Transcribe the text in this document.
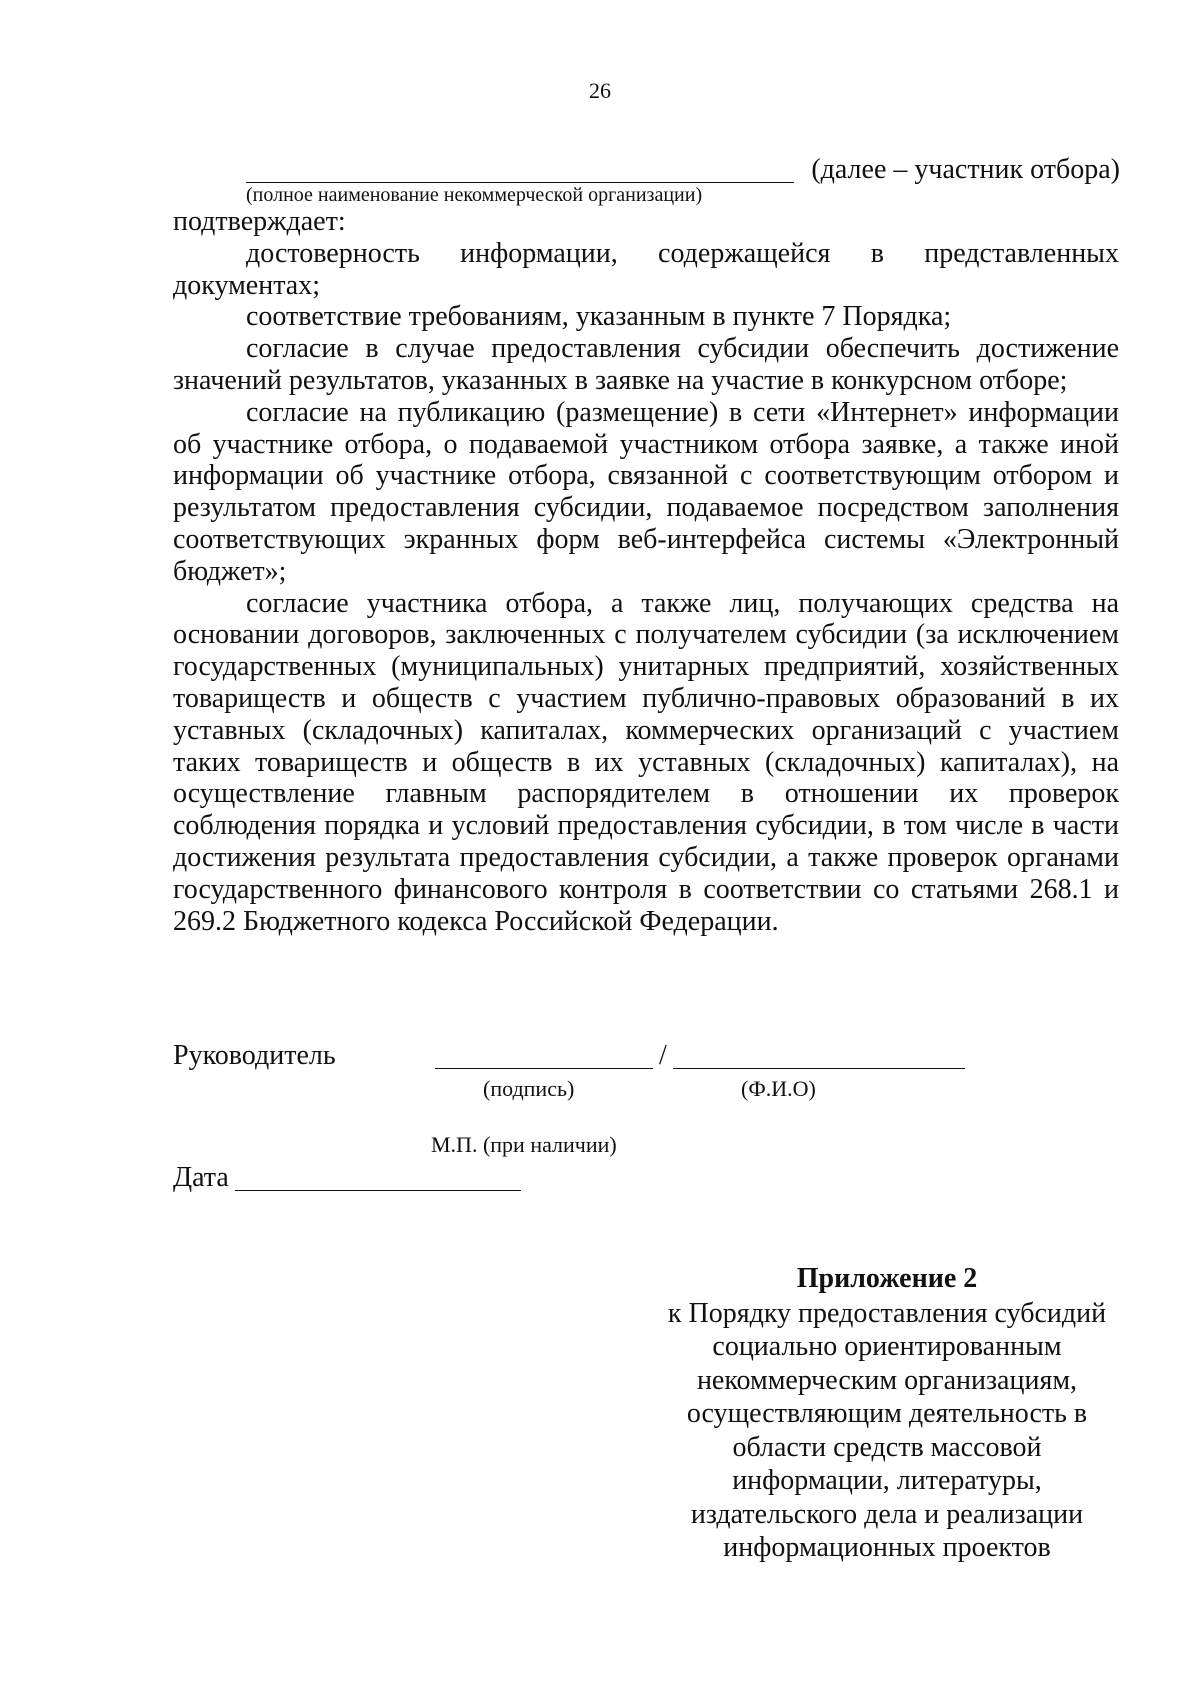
26
(далее – участник отбора)
(полное наименование некоммерческой организации)

подтверждает:

достоверность информации, содержащейся в представленных документах;

соответствие требованиям, указанным в пункте 7 Порядка;

согласие в случае предоставления субсидии обеспечить достижение значений результатов, указанных в заявке на участие в конкурсном отборе;

согласие на публикацию (размещение) в сети «Интернет» информации об участнике отбора, о подаваемой участником отбора заявке, а также иной информации об участнике отбора, связанной с соответствующим отбором и результатом предоставления субсидии, подаваемое посредством заполнения соответствующих экранных форм веб-интерфейса системы «Электронный бюджет»;

согласие участника отбора, а также лиц, получающих средства на основании договоров, заключенных с получателем субсидии (за исключением государственных (муниципальных) унитарных предприятий, хозяйственных товариществ и обществ с участием публично-правовых образований в их уставных (складочных) капиталах, коммерческих организаций с участием таких товариществ и обществ в их уставных (складочных) капиталах), на осуществление главным распорядителем в отношении их проверок соблюдения порядка и условий предоставления субсидии, в том числе в части достижения результата предоставления субсидии, а также проверок органами государственного финансового контроля в соответствии со статьями 268.1 и 269.2 Бюджетного кодекса Российской Федерации.

Руководитель	/
(подпись)	(Ф.И.О)
М.П. (при наличии)
Дата
Приложение 2
к Порядку предоставления субсидий
социально ориентированным
некоммерческим организациям,
осуществляющим деятельность в
области средств массовой
информации, литературы,
издательского дела и реализации
информационных проектов
